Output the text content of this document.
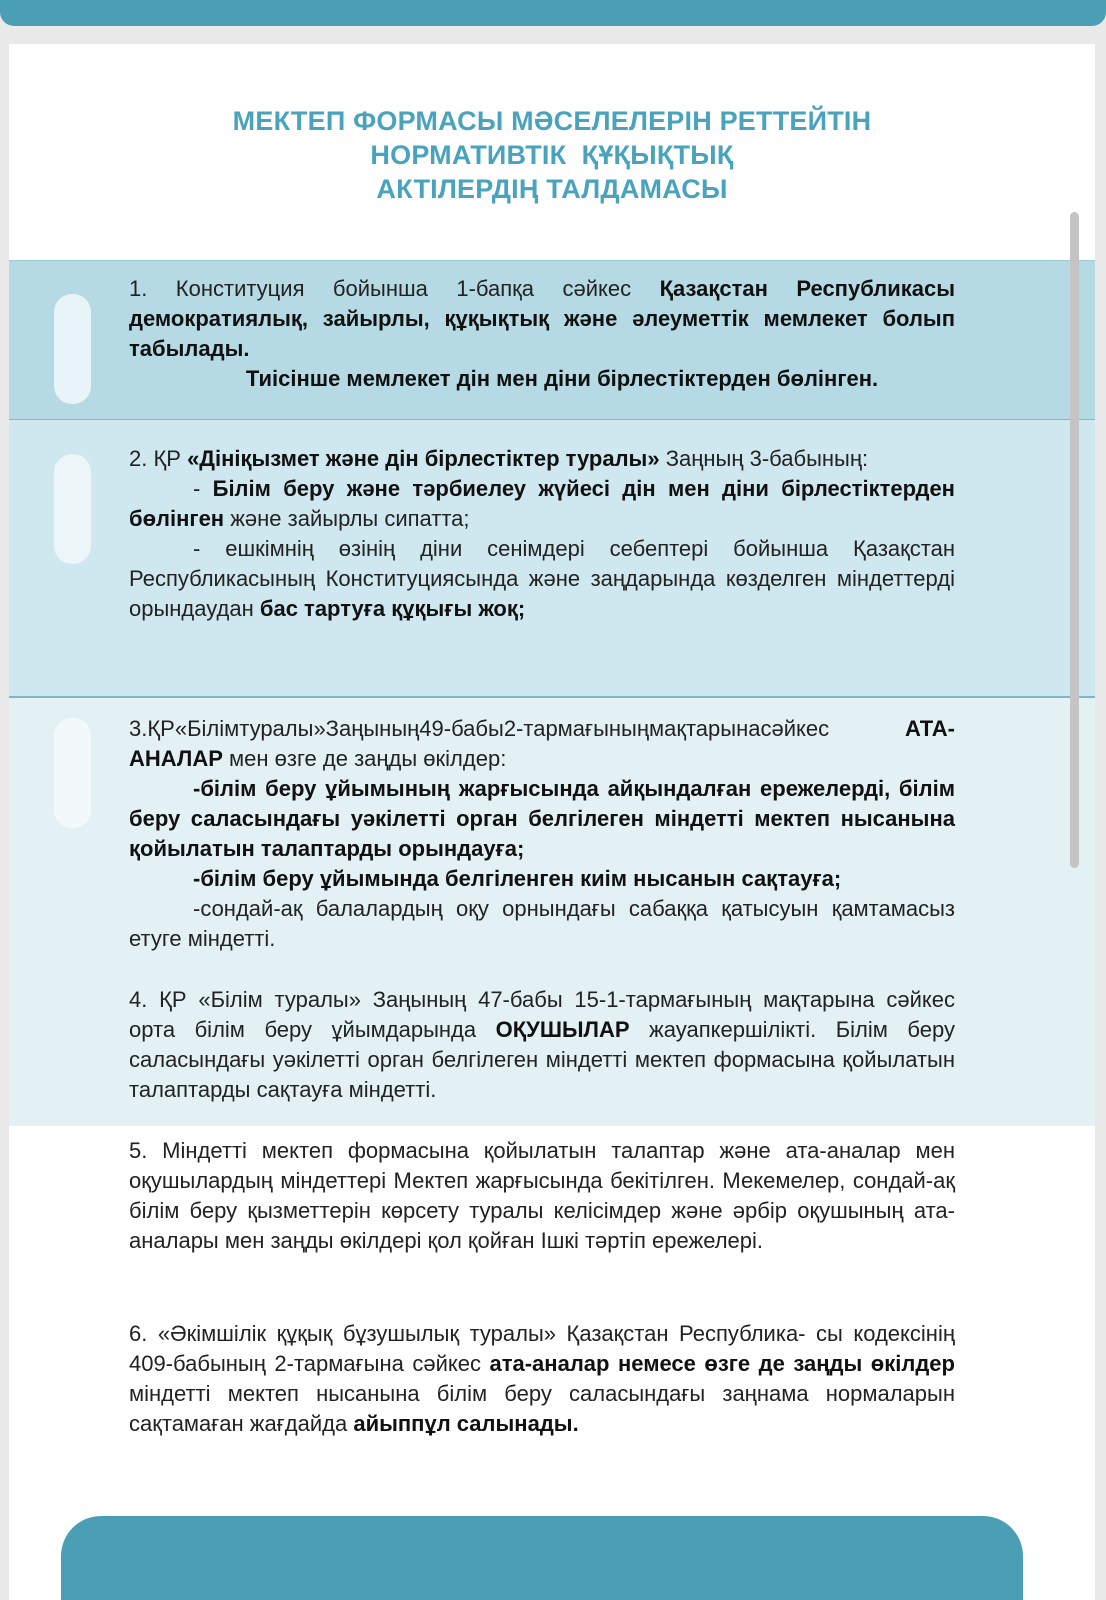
МЕКТЕП ФОРМАСЫ МӘСЕЛЕЛЕРІН РЕТТЕЙТІН
НОРМАТИВТІК  ҚҰҚЫҚТЫҚ
АКТІЛЕРДІҢ ТАЛДАМАСЫ

1. Конституция бойынша 1-бапқа сәйкес Қазақстан Республикасы демократиялық, зайырлы, құқықтық және әлеуметтік мемлекет болып табылады.

Тиісінше мемлекет дін мен діни бірлестіктерден бөлінген.

2. ҚР «Дініқызмет және дін бірлестіктер туралы» Заңның 3-бабының:

- Білім беру және тәрбиелеу жүйесі дін мен діни бірлестіктерден бөлінген және зайырлы сипатта;

- ешкімнің өзінің діни сенімдері себептері бойынша Қазақстан Республикасының Конституциясында және заңдарында көзделген міндеттерді орындаудан бас тартуға құқығы жоқ;

3.ҚР«Білімтуралы»Заңының49-бабы2-тармағыныңмақтарынасәйкес АТА-АНАЛАР мен өзге де заңды өкілдер:

-білім беру ұйымының жарғысында айқындалған ережелерді, білім беру саласындағы уәкілетті орган белгілеген міндетті мектеп нысанына қойылатын талаптарды орындауға;

-білім беру ұйымында белгіленген киім нысанын сақтауға;

-сондай-ақ балалардың оқу орнындағы сабаққа қатысуын қамтамасыз етуге міндетті.

4. ҚР «Білім туралы» Заңының 47-бабы 15-1-тармағының мақтарына сәйкес орта білім беру ұйымдарында ОҚУШЫЛАР жауапкершілікті. Білім беру саласындағы уәкілетті орган белгілеген міндетті мектеп формасына қойылатын талаптарды сақтауға міндетті.

5. Міндетті мектеп формасына қойылатын талаптар және ата-аналар мен оқушылардың міндеттері Мектеп жарғысында бекітілген. Мекемелер, сондай-ақ білім беру қызметтерін көрсету туралы келісімдер және әрбір оқушының ата-аналары мен заңды өкілдері қол қойған Ішкі тәртіп ережелері.

6. «Әкімшілік құқық бұзушылық туралы» Қазақстан Республика- сы кодексінің 409-бабының 2-тармағына сәйкес ата-аналар немесе өзге де заңды өкілдер міндетті мектеп нысанына білім беру саласындағы заңнама нормаларын сақтамаған жағдайда айыппұл салынады.
